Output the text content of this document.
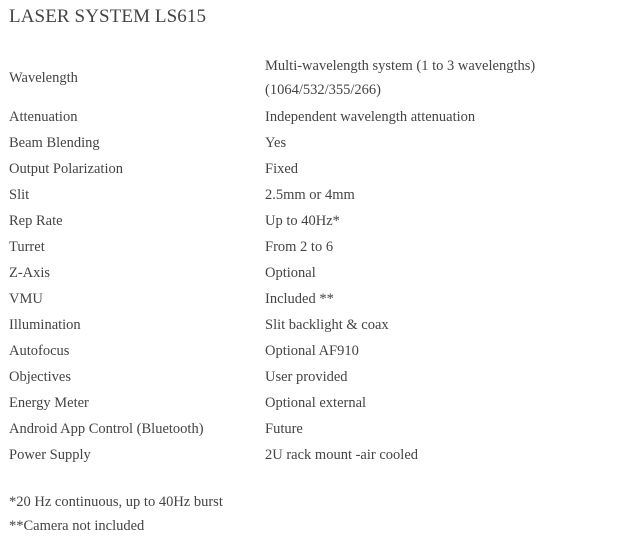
LASER SYSTEM LS615
Wavelength	Multi-wavelength system (1 to 3 wavelengths) (1064/532/355/266)
Attenuation	Independent wavelength attenuation
Beam Blending	Yes
Output Polarization	Fixed
Slit	2.5mm or 4mm
Rep Rate	Up to 40Hz*
Turret	From 2 to 6
Z-Axis	Optional
VMU	Included **
Illumination	Slit backlight & coax
Autofocus	Optional AF910
Objectives	User provided
Energy Meter	Optional external
Android App Control (Bluetooth)	Future
Power Supply	2U rack mount -air cooled
*20 Hz continuous, up to 40Hz burst
**Camera not included
